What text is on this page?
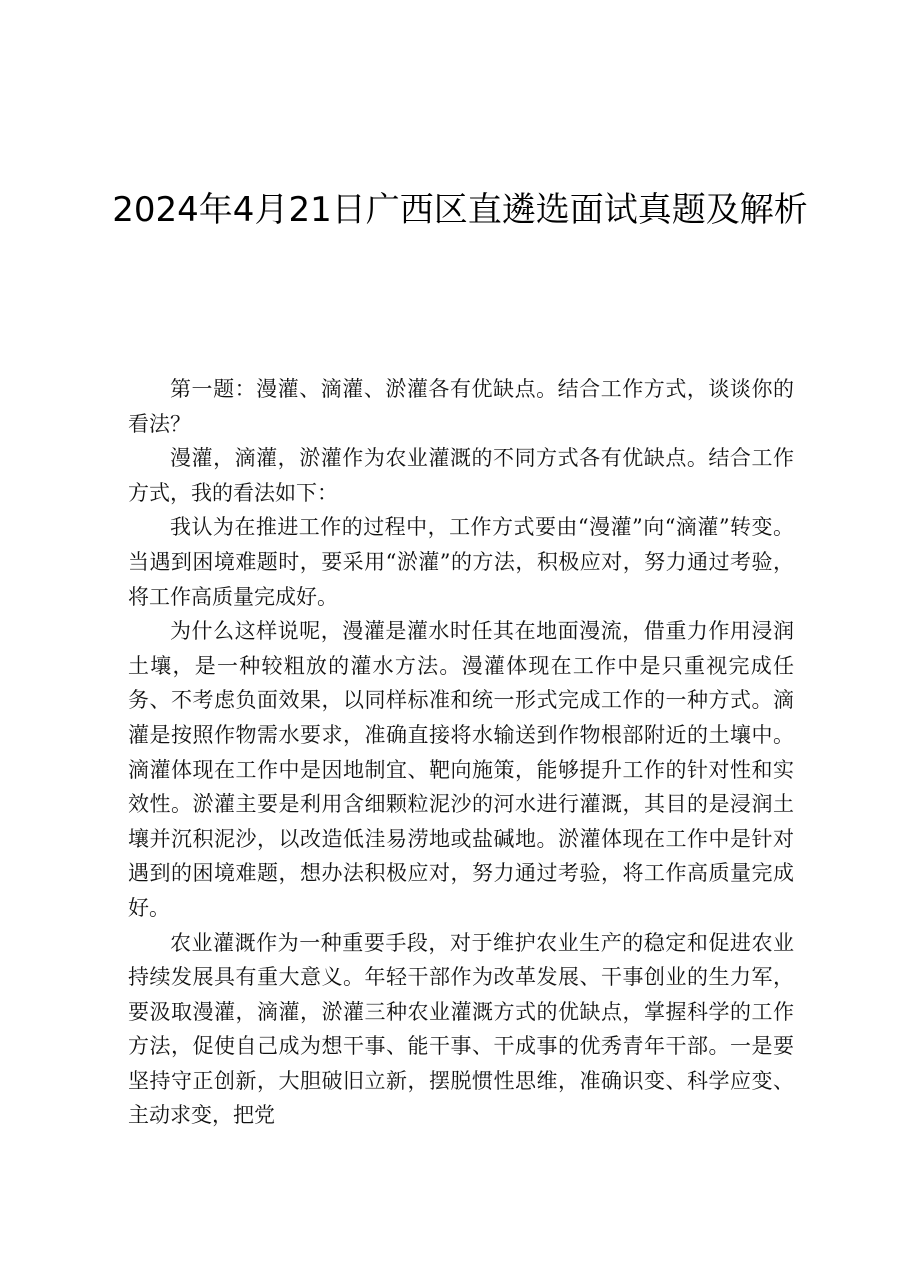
2024年4月21日广西区直遴选面试真题及解析

第一题：漫灌、滴灌、淤灌各有优缺点。结合工作方式，谈谈你的看法？

漫灌，滴灌，淤灌作为农业灌溉的不同方式各有优缺点。结合工作方式，我的看法如下：

我认为在推进工作的过程中，工作方式要由“漫灌”向“滴灌”转变。当遇到困境难题时，要采用“淤灌”的方法，积极应对，努力通过考验，将工作高质量完成好。

为什么这样说呢，漫灌是灌水时任其在地面漫流，借重力作用浸润土壤，是一种较粗放的灌水方法。漫灌体现在工作中是只重视完成任务、不考虑负面效果，以同样标准和统一形式完成工作的一种方式。滴灌是按照作物需水要求，准确直接将水输送到作物根部附近的土壤中。滴灌体现在工作中是因地制宜、靶向施策，能够提升工作的针对性和实效性。淤灌主要是利用含细颗粒泥沙的河水进行灌溉，其目的是浸润土壤并沉积泥沙，以改造低洼易涝地或盐碱地。淤灌体现在工作中是针对遇到的困境难题，想办法积极应对，努力通过考验，将工作高质量完成好。

农业灌溉作为一种重要手段，对于维护农业生产的稳定和促进农业持续发展具有重大意义。年轻干部作为改革发展、干事创业的生力军，要汲取漫灌，滴灌，淤灌三种农业灌溉方式的优缺点，掌握科学的工作方法，促使自己成为想干事、能干事、干成事的优秀青年干部。一是要坚持守正创新，大胆破旧立新，摆脱惯性思维，准确识变、科学应变、主动求变，把党
